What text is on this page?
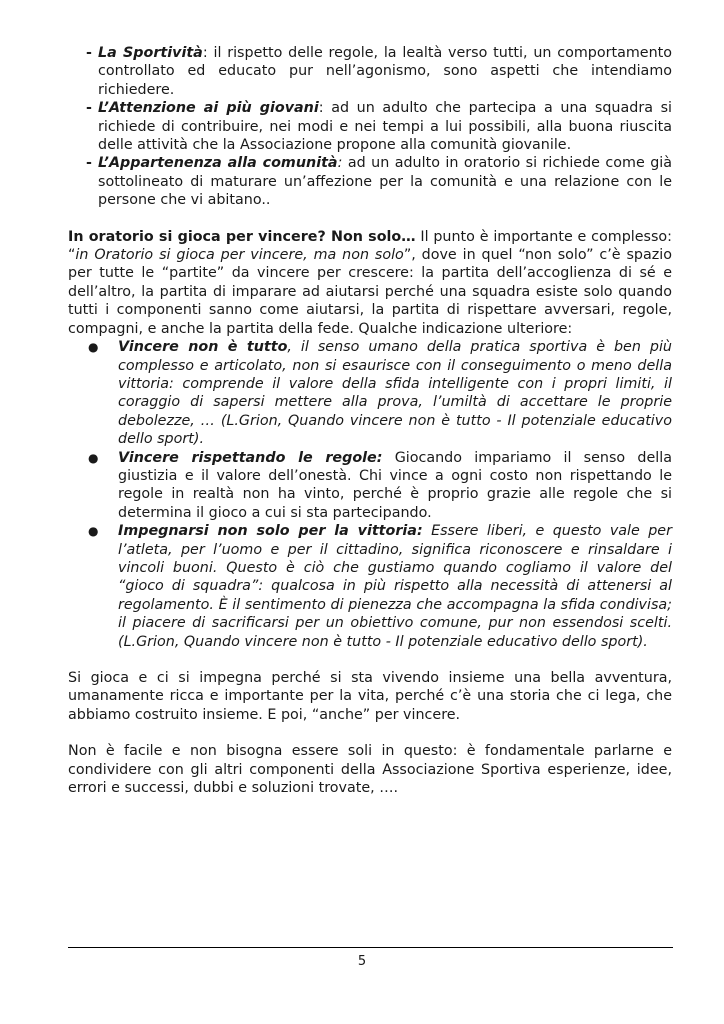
- La Sportività: il rispetto delle regole, la lealtà verso tutti, un comportamento controllato ed educato pur nell’agonismo, sono aspetti che intendiamo richiedere.
- L’Attenzione ai più giovani: ad un adulto che partecipa a una squadra si richiede di contribuire, nei modi e nei tempi a lui possibili, alla buona riuscita delle attività che la Associazione propone alla comunità giovanile.
- L’Appartenenza alla comunità: ad un adulto in oratorio si richiede come già sottolineato di maturare un’affezione per la comunità e una relazione con le persone che vi abitano..

In oratorio si gioca per vincere? Non solo… Il punto è importante e complesso: “in Oratorio si gioca per vincere, ma non solo”, dove in quel “non solo” c’è spazio per tutte le “partite” da vincere per crescere: la partita dell’accoglienza di sé e dell’altro, la partita di imparare ad aiutarsi perché una squadra esiste solo quando tutti i componenti sanno come aiutarsi, la partita di rispettare avversari, regole, compagni, e anche la partita della fede. Qualche indicazione ulteriore:

● Vincere non è tutto, il senso umano della pratica sportiva è ben più complesso e articolato, non si esaurisce con il conseguimento o meno della vittoria: comprende il valore della sfida intelligente con i propri limiti, il coraggio di sapersi mettere alla prova, l’umiltà di accettare le proprie debolezze, … (L.Grion, Quando vincere non è tutto - Il potenziale educativo dello sport).
● Vincere rispettando le regole: Giocando impariamo il senso della giustizia e il valore dell’onestà. Chi vince a ogni costo non rispettando le regole in realtà non ha vinto, perché è proprio grazie alle regole che si determina il gioco a cui si sta partecipando.
● Impegnarsi non solo per la vittoria: Essere liberi, e questo vale per l’atleta, per l’uomo e per il cittadino, significa riconoscere e rinsaldare i vincoli buoni. Questo è ciò che gustiamo quando cogliamo il valore del “gioco di squadra”: qualcosa in più rispetto alla necessità di attenersi al regolamento. È il sentimento di pienezza che accompagna la sfida condivisa; il piacere di sacrificarsi per un obiettivo comune, pur non essendosi scelti. (L.Grion, Quando vincere non è tutto - Il potenziale educativo dello sport).

Si gioca e ci si impegna perché si sta vivendo insieme una bella avventura, umanamente ricca e importante per la vita, perché c’è una storia che ci lega, che abbiamo costruito insieme. E poi, “anche” per vincere.

Non è facile e non bisogna essere soli in questo: è fondamentale parlarne e condividere con gli altri componenti della Associazione Sportiva esperienze, idee, errori e successi, dubbi e soluzioni trovate, ….

5
